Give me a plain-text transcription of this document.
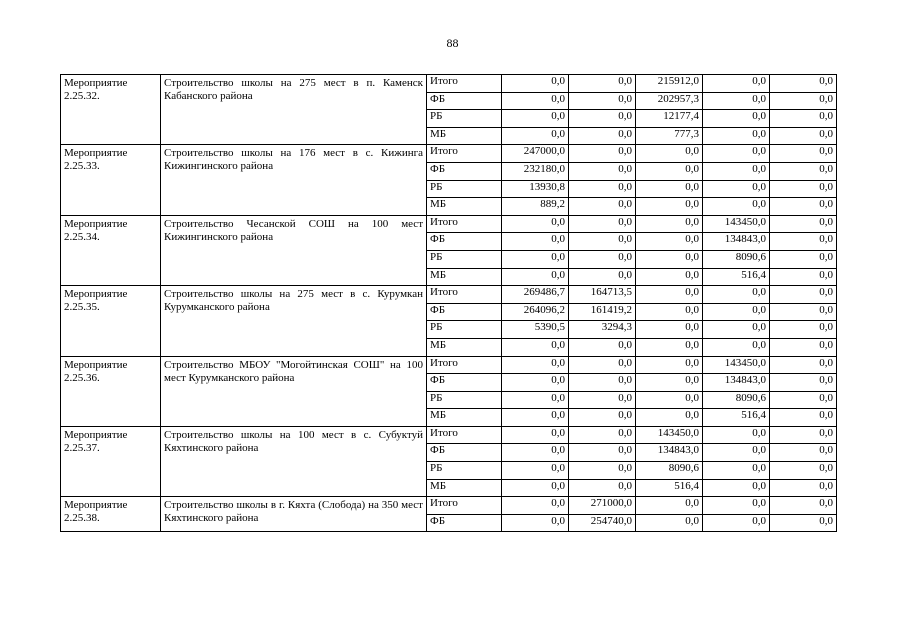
88
Мероприятие 2.25.32.	Строительство школы на 275 мест в п. Каменск Кабанского района	Итого	0,0	0,0	215912,0	0,0	0,0
		ФБ	0,0	0,0	202957,3	0,0	0,0
		РБ	0,0	0,0	12177,4	0,0	0,0
		МБ	0,0	0,0	777,3	0,0	0,0
Мероприятие 2.25.33.	Строительство школы на 176 мест в с. Кижинга Кижингинского района	Итого	247000,0	0,0	0,0	0,0	0,0
		ФБ	232180,0	0,0	0,0	0,0	0,0
		РБ	13930,8	0,0	0,0	0,0	0,0
		МБ	889,2	0,0	0,0	0,0	0,0
Мероприятие 2.25.34.	Строительство Чесанской СОШ на 100 мест Кижингинского района	Итого	0,0	0,0	0,0	143450,0	0,0
		ФБ	0,0	0,0	0,0	134843,0	0,0
		РБ	0,0	0,0	0,0	8090,6	0,0
		МБ	0,0	0,0	0,0	516,4	0,0
Мероприятие 2.25.35.	Строительство школы на 275 мест в с. Курумкан Курумканского района	Итого	269486,7	164713,5	0,0	0,0	0,0
		ФБ	264096,2	161419,2	0,0	0,0	0,0
		РБ	5390,5	3294,3	0,0	0,0	0,0
		МБ	0,0	0,0	0,0	0,0	0,0
Мероприятие 2.25.36.	Строительство МБОУ "Могойтинская СОШ" на 100 мест Курумканского района	Итого	0,0	0,0	0,0	143450,0	0,0
		ФБ	0,0	0,0	0,0	134843,0	0,0
		РБ	0,0	0,0	0,0	8090,6	0,0
		МБ	0,0	0,0	0,0	516,4	0,0
Мероприятие 2.25.37.	Строительство школы на 100 мест в с. Субуктуй Кяхтинского района	Итого	0,0	0,0	143450,0	0,0	0,0
		ФБ	0,0	0,0	134843,0	0,0	0,0
		РБ	0,0	0,0	8090,6	0,0	0,0
		МБ	0,0	0,0	516,4	0,0	0,0
Мероприятие 2.25.38.	Строительство школы в г. Кяхта (Слобода) на 350 мест Кяхтинского района	Итого	0,0	271000,0	0,0	0,0	0,0
		ФБ	0,0	254740,0	0,0	0,0	0,0
